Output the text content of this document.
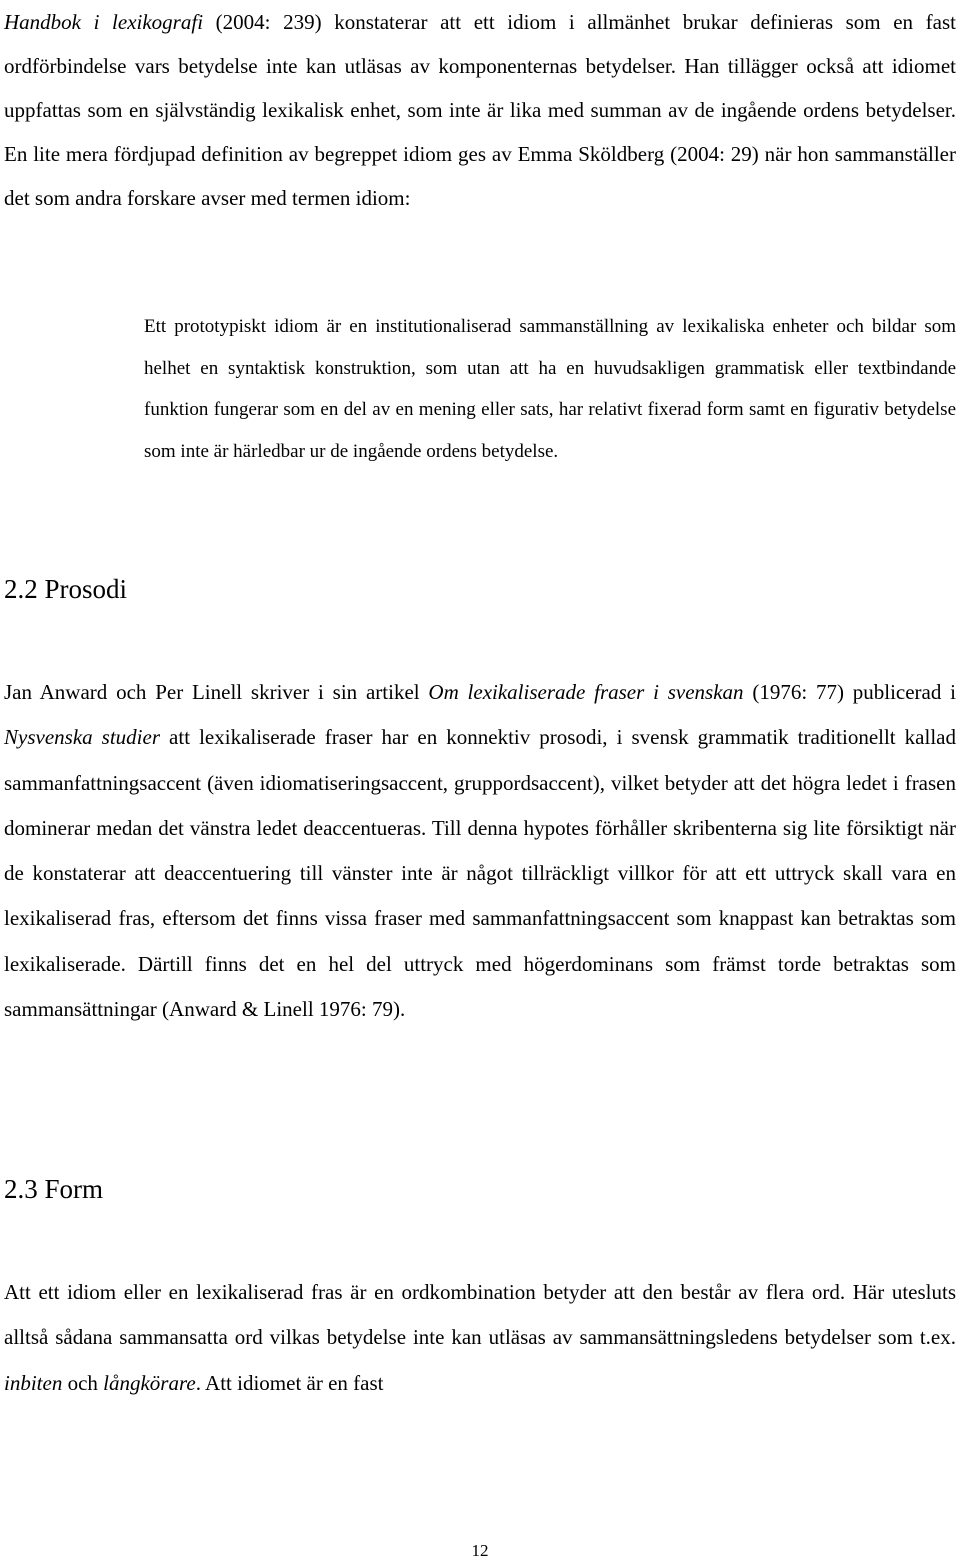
Handbok i lexikografi (2004: 239) konstaterar att ett idiom i allmänhet brukar definieras som en fast ordförbindelse vars betydelse inte kan utläsas av komponenternas betydelser. Han tillägger också att idiomet uppfattas som en självständig lexikalisk enhet, som inte är lika med summan av de ingående ordens betydelser. En lite mera fördjupad definition av begreppet idiom ges av Emma Sköldberg (2004: 29) när hon sammanställer det som andra forskare avser med termen idiom:

Ett prototypiskt idiom är en institutionaliserad sammanställning av lexikaliska enheter och bildar som helhet en syntaktisk konstruktion, som utan att ha en huvudsakligen grammatisk eller textbindande funktion fungerar som en del av en mening eller sats, har relativt fixerad form samt en figurativ betydelse som inte är härledbar ur de ingående ordens betydelse.

2.2 Prosodi

Jan Anward och Per Linell skriver i sin artikel Om lexikaliserade fraser i svenskan (1976: 77) publicerad i Nysvenska studier att lexikaliserade fraser har en konnektiv prosodi, i svensk grammatik traditionellt kallad sammanfattningsaccent (även idiomatiseringsaccent, gruppordsaccent), vilket betyder att det högra ledet i frasen dominerar medan det vänstra ledet deaccentueras. Till denna hypotes förhåller skribenterna sig lite försiktigt när de konstaterar att deaccentuering till vänster inte är något tillräckligt villkor för att ett uttryck skall vara en lexikaliserad fras, eftersom det finns vissa fraser med sammanfattningsaccent som knappast kan betraktas som lexikaliserade. Därtill finns det en hel del uttryck med högerdominans som främst torde betraktas som sammansättningar (Anward & Linell 1976: 79).

2.3 Form

Att ett idiom eller en lexikaliserad fras är en ordkombination betyder att den består av flera ord. Här utesluts alltså sådana sammansatta ord vilkas betydelse inte kan utläsas av sammansättningsledens betydelser som t.ex. inbiten och långkörare. Att idiomet är en fast

12
